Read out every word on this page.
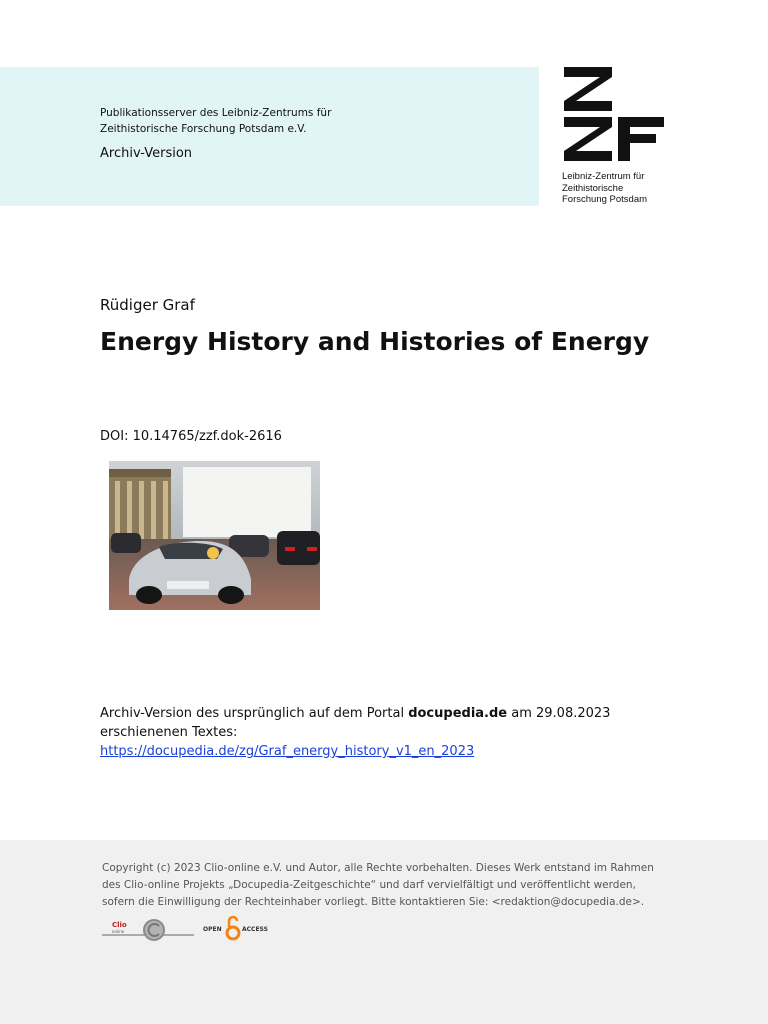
Publikationsserver des Leibniz-Zentrums für
Zeithistorische Forschung Potsdam e.V.
Archiv-Version
Leibniz-Zentrum für
Zeithistorische
Forschung Potsdam
Rüdiger Graf
Energy History and Histories of Energy
DOI: 10.14765/zzf.dok-2616
Archiv-Version des ursprünglich auf dem Portal docupedia.de am 29.08.2023 erschienenen Textes:
https://docupedia.de/zg/Graf_energy_history_v1_en_2023
Copyright (c) 2023 Clio-online e.V. und Autor, alle Rechte vorbehalten. Dieses Werk entstand im Rahmen des Clio-online Projekts „Docupedia-Zeitgeschichte“ und darf vervielfältigt und veröffentlicht werden, sofern die Einwilligung der Rechteinhaber vorliegt. Bitte kontaktieren Sie: <redaktion@docupedia.de>.
Clio
online	OPEN	ACCESS
